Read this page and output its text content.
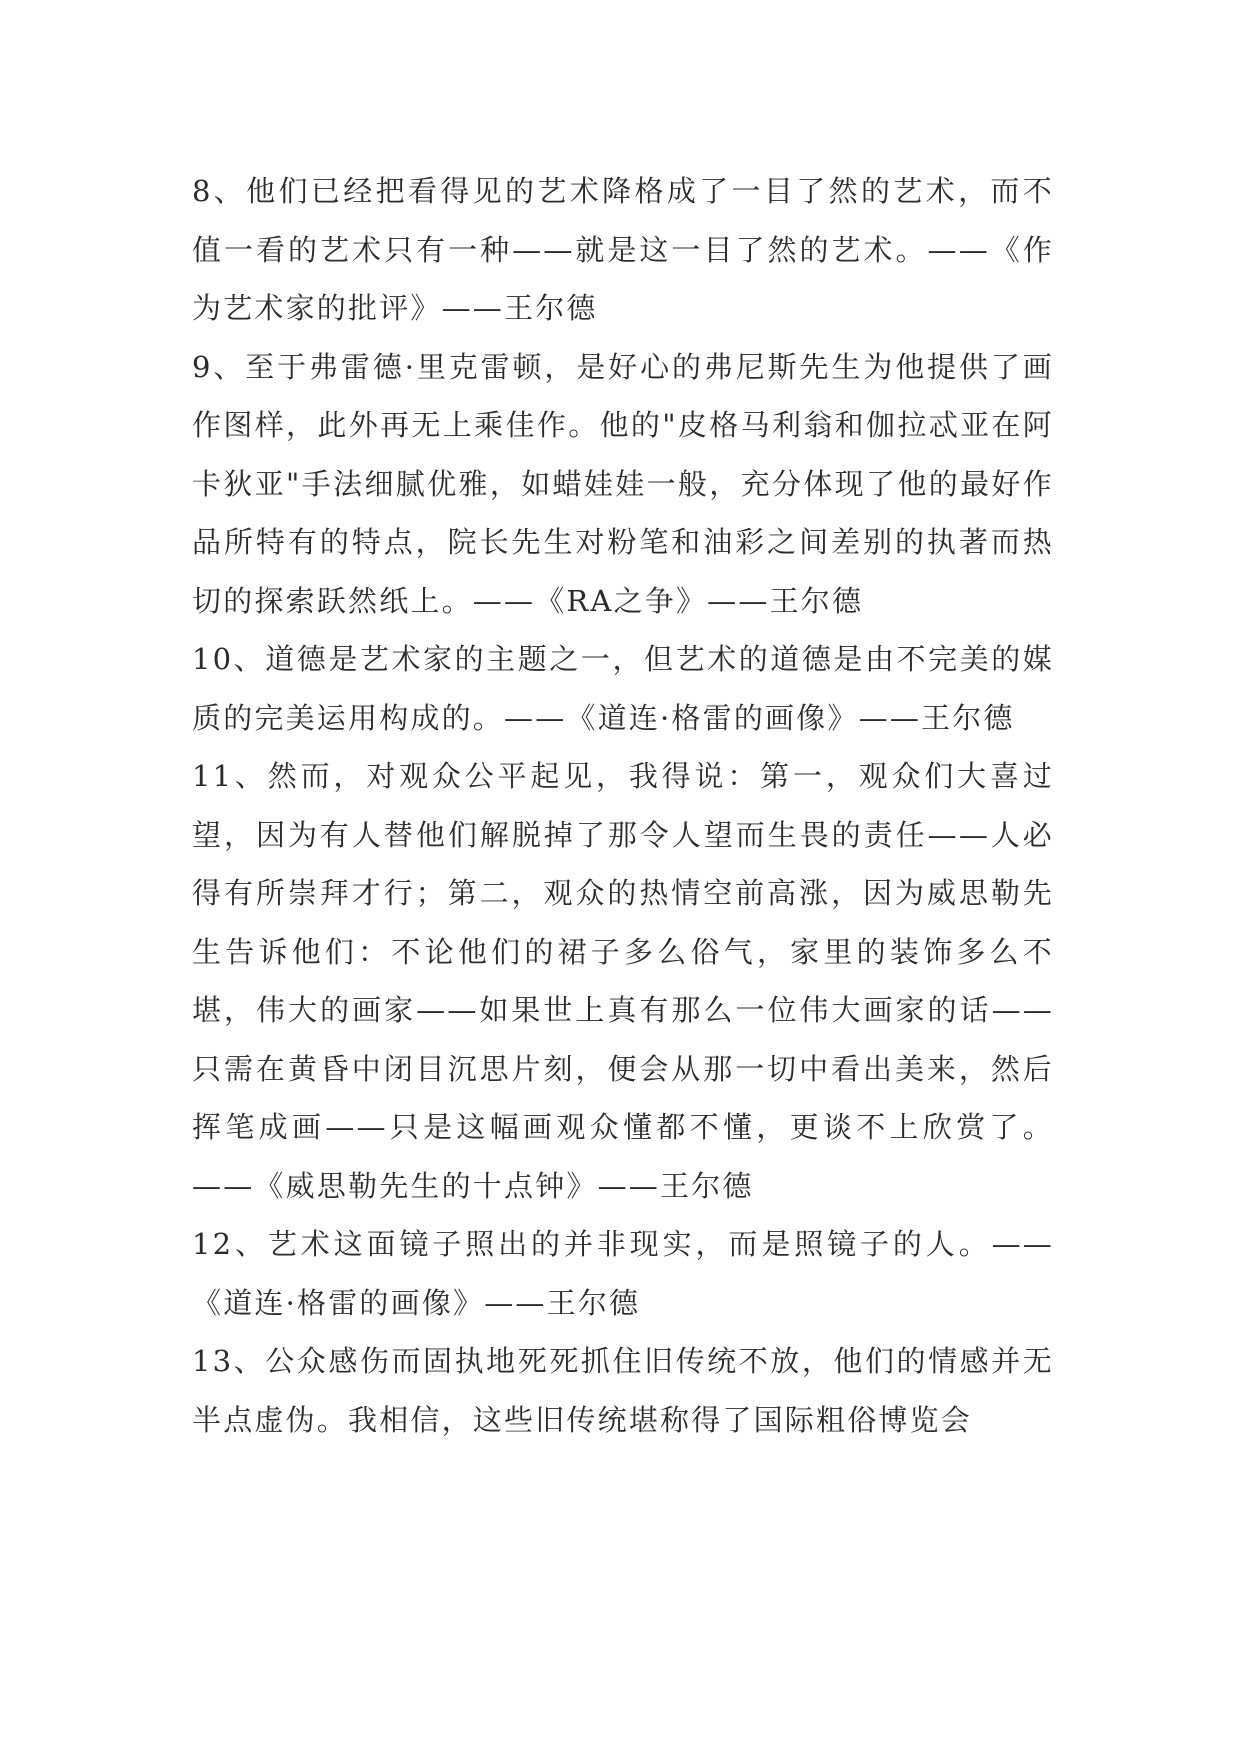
8、他们已经把看得见的艺术降格成了一目了然的艺术，而不值一看的艺术只有一种——就是这一目了然的艺术。——《作为艺术家的批评》——王尔德

9、至于弗雷德·里克雷顿，是好心的弗尼斯先生为他提供了画作图样，此外再无上乘佳作。他的"皮格马利翁和伽拉忒亚在阿卡狄亚"手法细腻优雅，如蜡娃娃一般，充分体现了他的最好作品所特有的特点，院长先生对粉笔和油彩之间差别的执著而热切的探索跃然纸上。——《RA之争》——王尔德

10、道德是艺术家的主题之一，但艺术的道德是由不完美的媒质的完美运用构成的。——《道连·格雷的画像》——王尔德

11、然而，对观众公平起见，我得说：第一，观众们大喜过望，因为有人替他们解脱掉了那令人望而生畏的责任——人必得有所崇拜才行；第二，观众的热情空前高涨，因为威思勒先生告诉他们：不论他们的裙子多么俗气，家里的装饰多么不堪，伟大的画家——如果世上真有那么一位伟大画家的话——只需在黄昏中闭目沉思片刻，便会从那一切中看出美来，然后挥笔成画——只是这幅画观众懂都不懂，更谈不上欣赏了。——《威思勒先生的十点钟》——王尔德

12、艺术这面镜子照出的并非现实，而是照镜子的人。——《道连·格雷的画像》——王尔德

13、公众感伤而固执地死死抓住旧传统不放，他们的情感并无半点虚伪。我相信，这些旧传统堪称得了国际粗俗博览会
